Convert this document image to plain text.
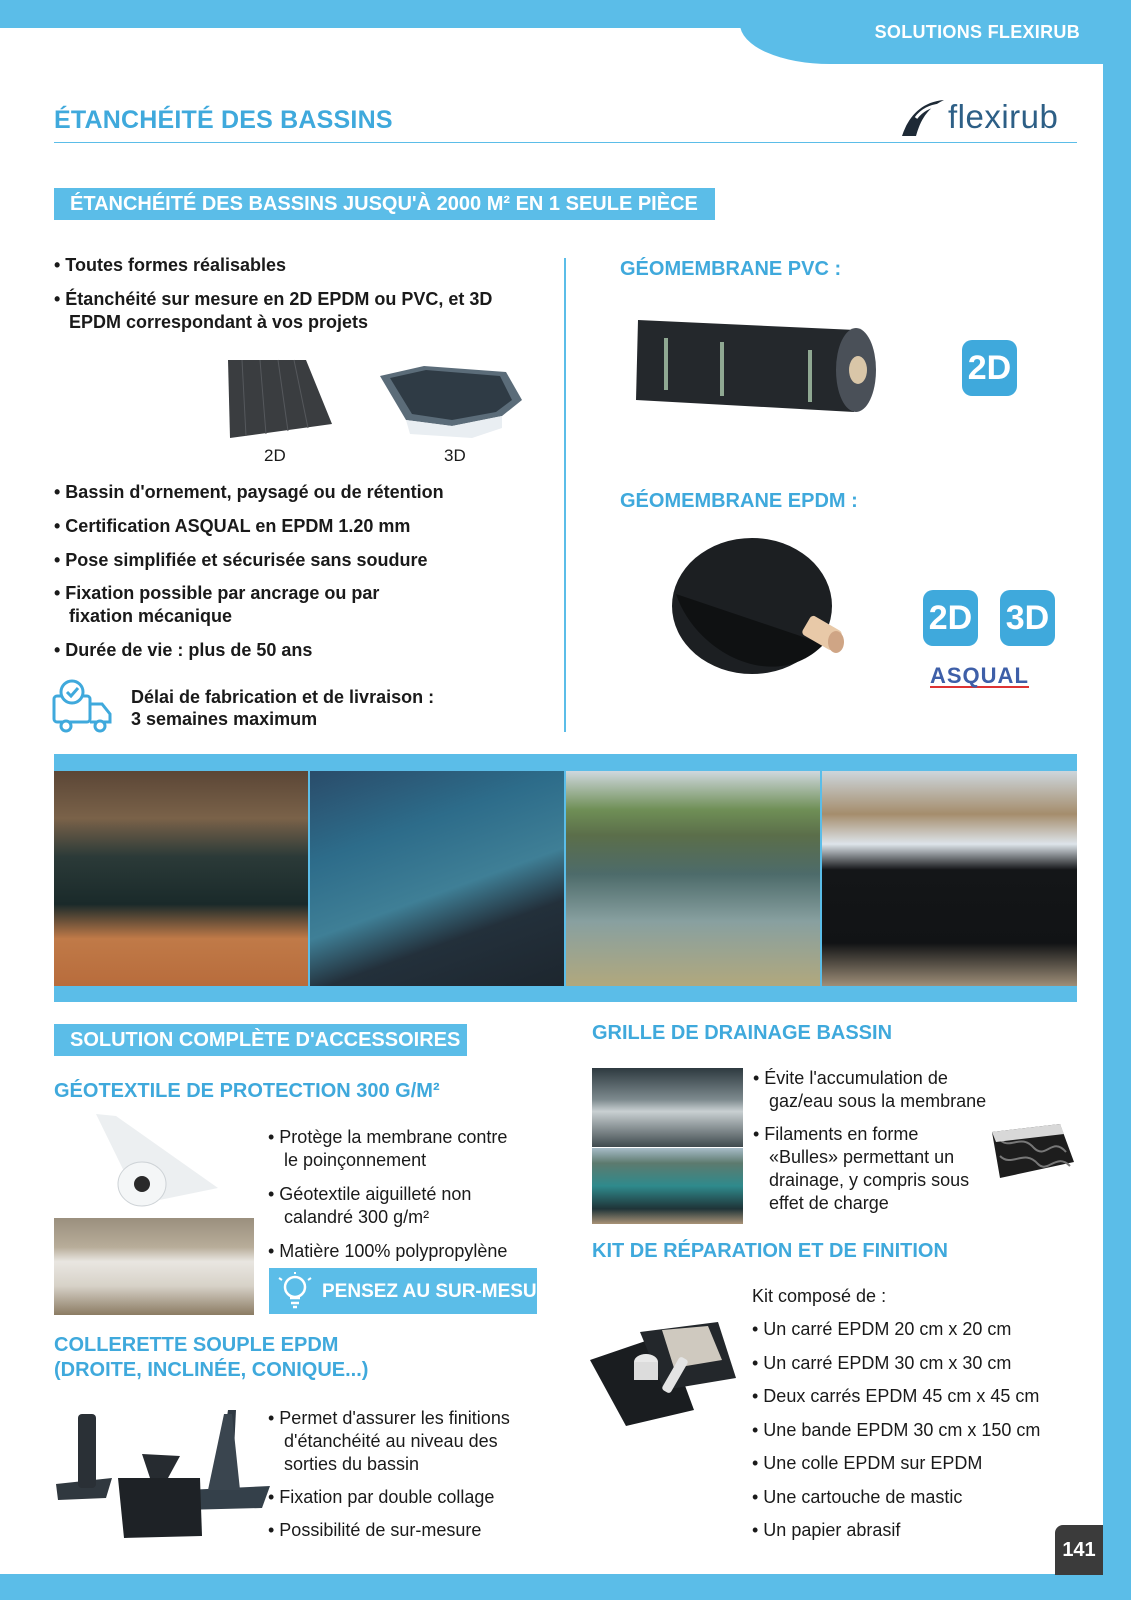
SOLUTIONS FLEXIRUB
ÉTANCHÉITÉ DES BASSINS	flexirub
ÉTANCHÉITÉ DES BASSINS JUSQU'À 2000 M² EN 1 SEULE PIÈCE
• Toutes formes réalisables
• Étanchéité sur mesure en 2D EPDM ou PVC, et 3D
EPDM correspondant à vos projets
2D	3D
• Bassin d'ornement, paysagé ou de rétention
• Certification ASQUAL en EPDM 1.20 mm
• Pose simplifiée et sécurisée sans soudure
• Fixation possible par ancrage ou par
fixation mécanique
• Durée de vie : plus de 50 ans
Délai de fabrication et de livraison :
3 semaines maximum
GÉOMEMBRANE PVC :
2D
GÉOMEMBRANE EPDM :
2D 3D
ASQUAL
SOLUTION COMPLÈTE D'ACCESSOIRES
GÉOTEXTILE DE PROTECTION 300 G/M²
• Protège la membrane contre
le poinçonnement
• Géotextile aiguilleté non
calandré 300 g/m²
• Matière 100% polypropylène
PENSEZ AU SUR-MESURE !
COLLERETTE SOUPLE EPDM
(DROITE, INCLINÉE, CONIQUE...)
• Permet d'assurer les finitions
d'étanchéité au niveau des
sorties du bassin
• Fixation par double collage
• Possibilité de sur-mesure
GRILLE DE DRAINAGE BASSIN
• Évite l'accumulation de
gaz/eau sous la membrane
• Filaments en forme
«Bulles» permettant un
drainage, y compris sous
effet de charge
KIT DE RÉPARATION ET DE FINITION
Kit composé de :
• Un carré EPDM 20 cm x 20 cm
• Un carré EPDM 30 cm x 30 cm
• Deux carrés EPDM 45 cm x 45 cm
• Une bande EPDM 30 cm x 150 cm
• Une colle EPDM sur EPDM
• Une cartouche de mastic
• Un papier abrasif
141
